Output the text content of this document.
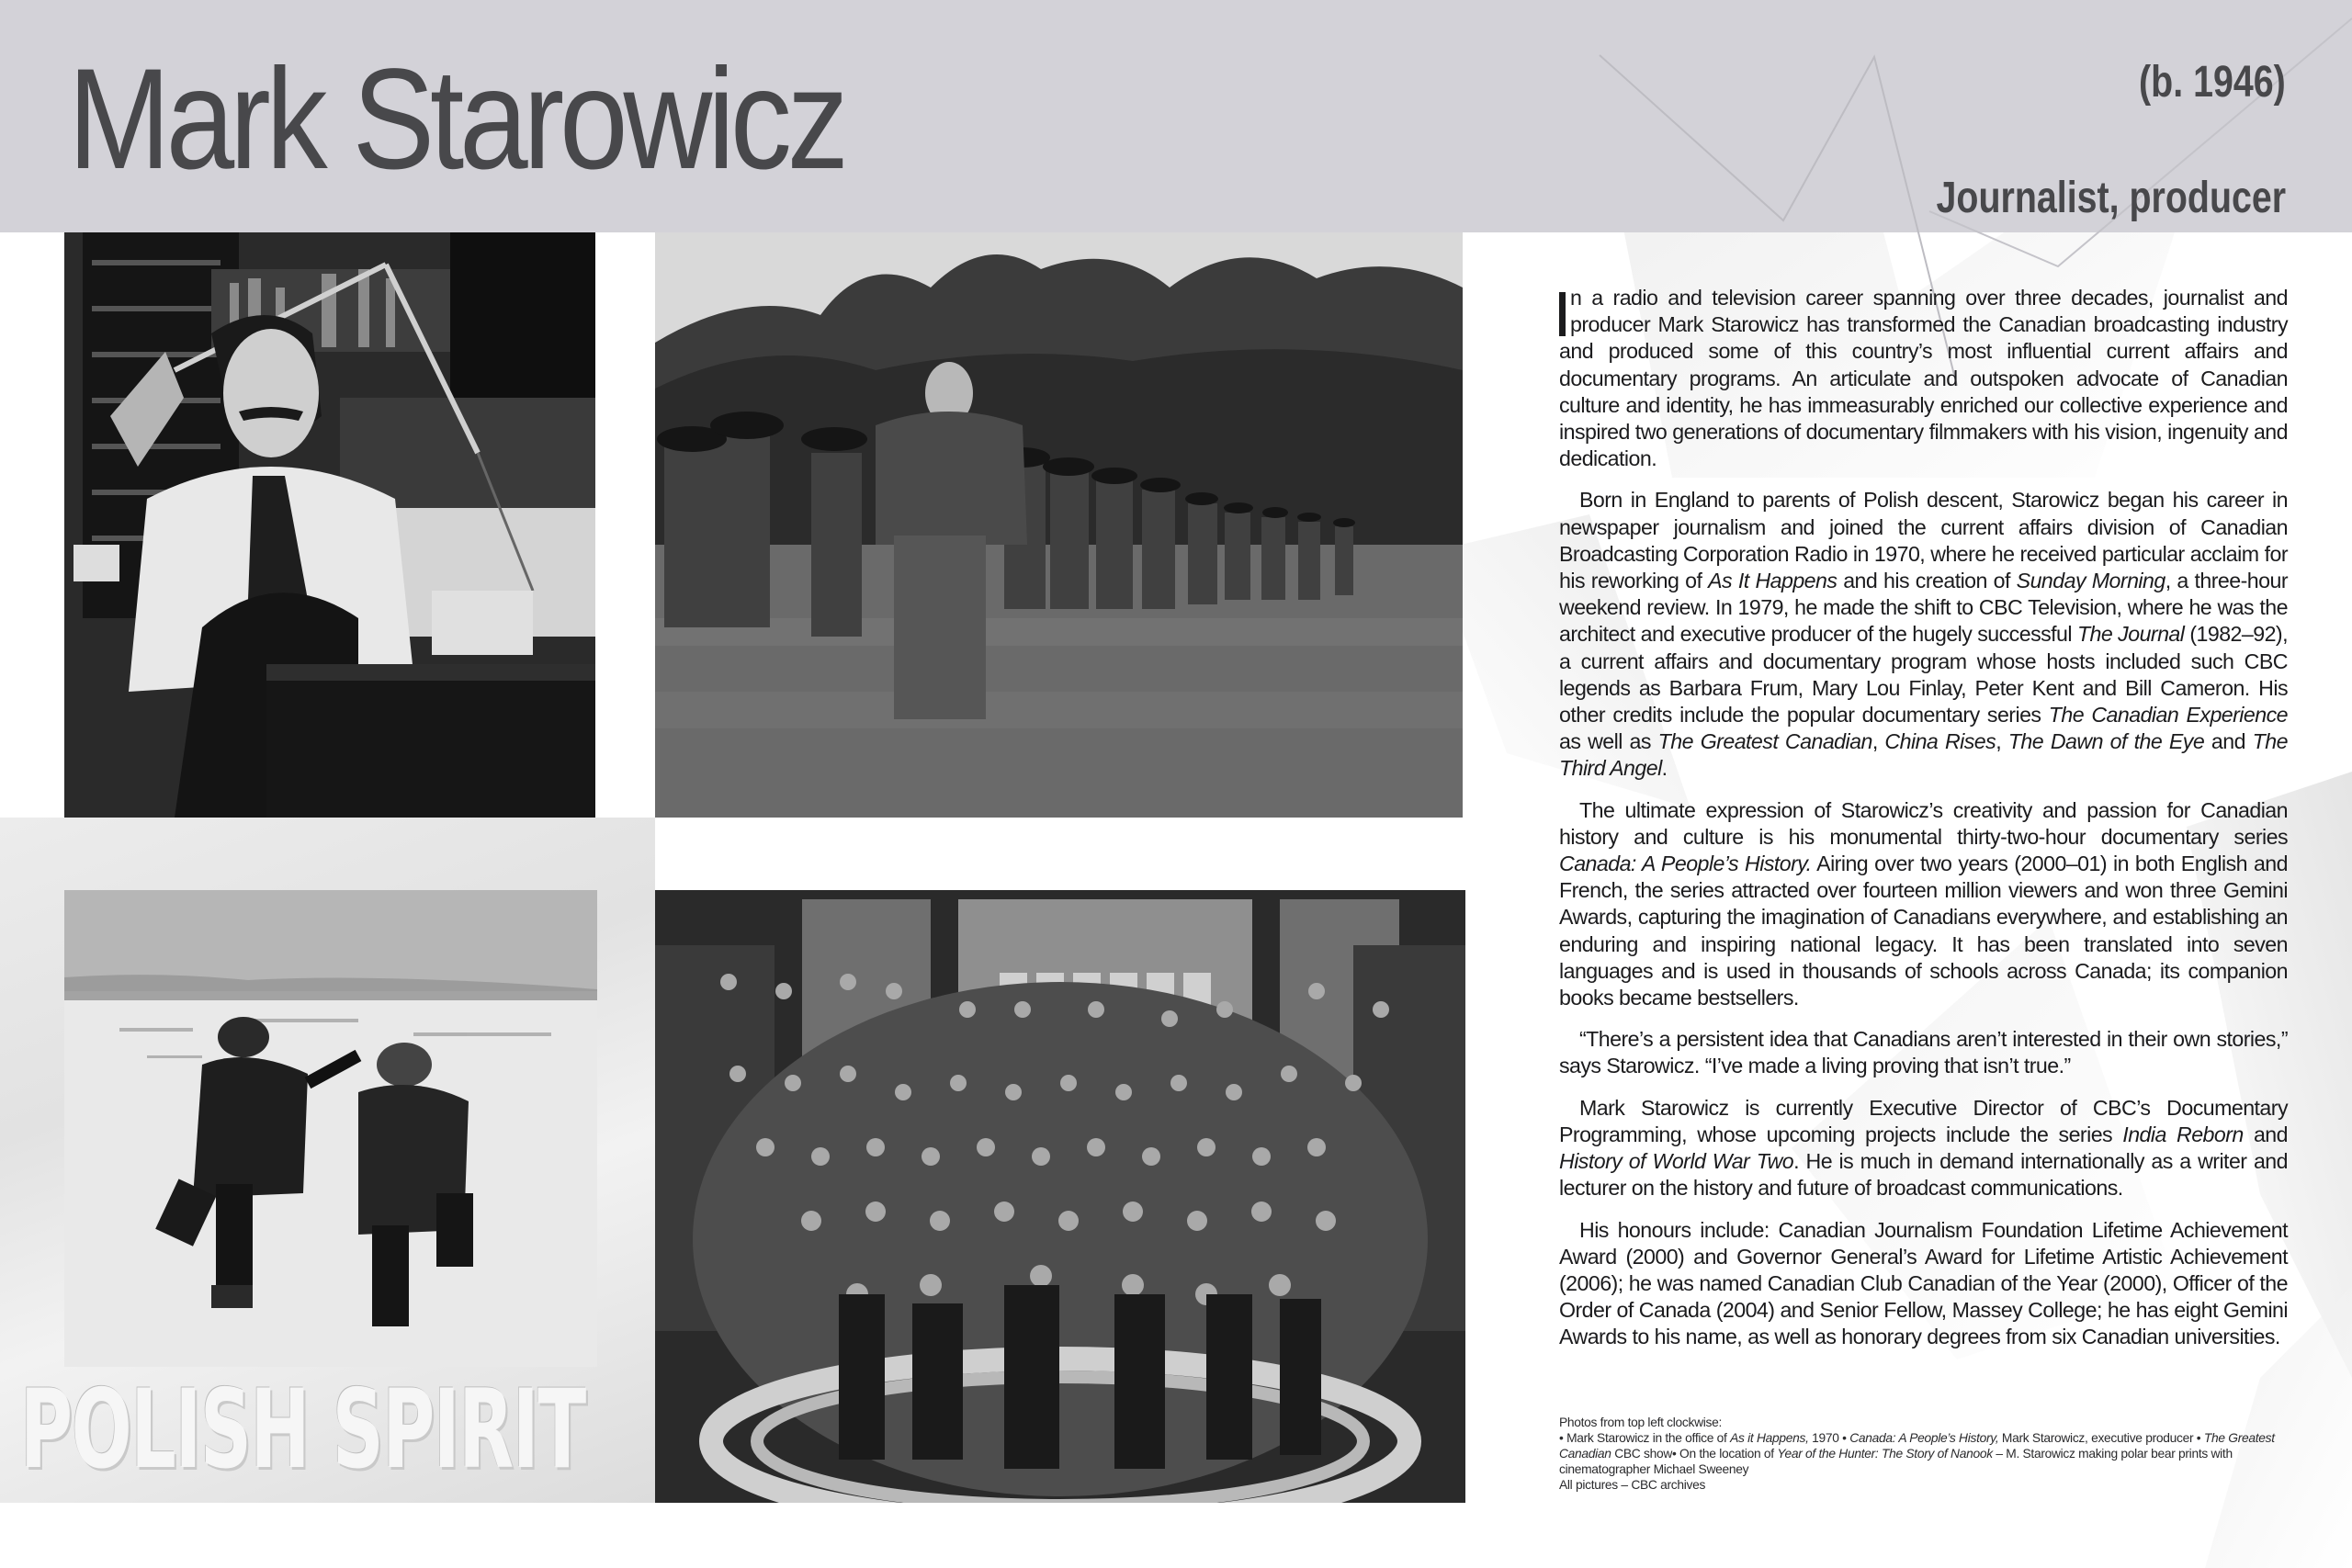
Mark Starowicz	(b. 1946)
Journalist, producer
POLISH SPIRIT

n a radio and television career spanning over three decades, journalist and producer Mark Starowicz has transformed the Canadian broadcasting industry and produced some of this country’s most influential current affairs and documentary programs. An articulate and outspoken advocate of Canadian culture and identity, he has immeasurably enriched our collective experience and inspired two generations of documentary filmmakers with his vision, ingenuity and dedication.

Born in England to parents of Polish descent, Starowicz began his career in newspaper journalism and joined the current affairs division of Canadian Broadcasting Corporation Radio in 1970, where he received particular acclaim for his reworking of As It Happens and his creation of Sunday Morning, a three-hour weekend review. In 1979, he made the shift to CBC Television, where he was the architect and executive producer of the hugely successful The Journal (1982–92), a current affairs and documentary program whose hosts included such CBC legends as Barbara Frum, Mary Lou Finlay, Peter Kent and Bill Cameron. His other credits include the popular documentary series The Canadian Experience as well as The Greatest Canadian, China Rises, The Dawn of the Eye and The Third Angel.

The ultimate expression of Starowicz’s creativity and passion for Canadian history and culture is his monumental thirty-two-hour documentary series Canada: A People’s History. Airing over two years (2000–01) in both English and French, the series attracted over fourteen million viewers and won three Gemini Awards, capturing the imagination of Canadians everywhere, and establishing an enduring and inspiring national legacy. It has been translated into seven languages and is used in thousands of schools across Canada; its companion books became bestsellers.

“There’s a persistent idea that Canadians aren’t interested in their own stories,” says Starowicz. “I’ve made a living proving that isn’t true.”

Mark Starowicz is currently Executive Director of CBC’s Documentary Programming, whose upcoming projects include the series India Reborn and History of World War Two. He is much in demand internationally as a writer and lecturer on the history and future of broadcast communications.

His honours include: Canadian Journalism Foundation Lifetime Achievement Award (2000) and Governor General’s Award for Lifetime Artistic Achievement (2006); he was named Canadian Club Canadian of the Year (2000), Officer of the Order of Canada (2004) and Senior Fellow, Massey College; he has eight Gemini Awards to his name, as well as honorary degrees from six Canadian universities.

Photos from top left clockwise:
• Mark Starowicz in the office of As it Happens, 1970 • Canada: A People’s History, Mark Starowicz, executive producer • The Greatest Canadian CBC show• On the location of Year of the Hunter: The Story of Nanook – M. Starowicz making polar bear prints with cinematographer Michael Sweeney
All pictures – CBC archives
